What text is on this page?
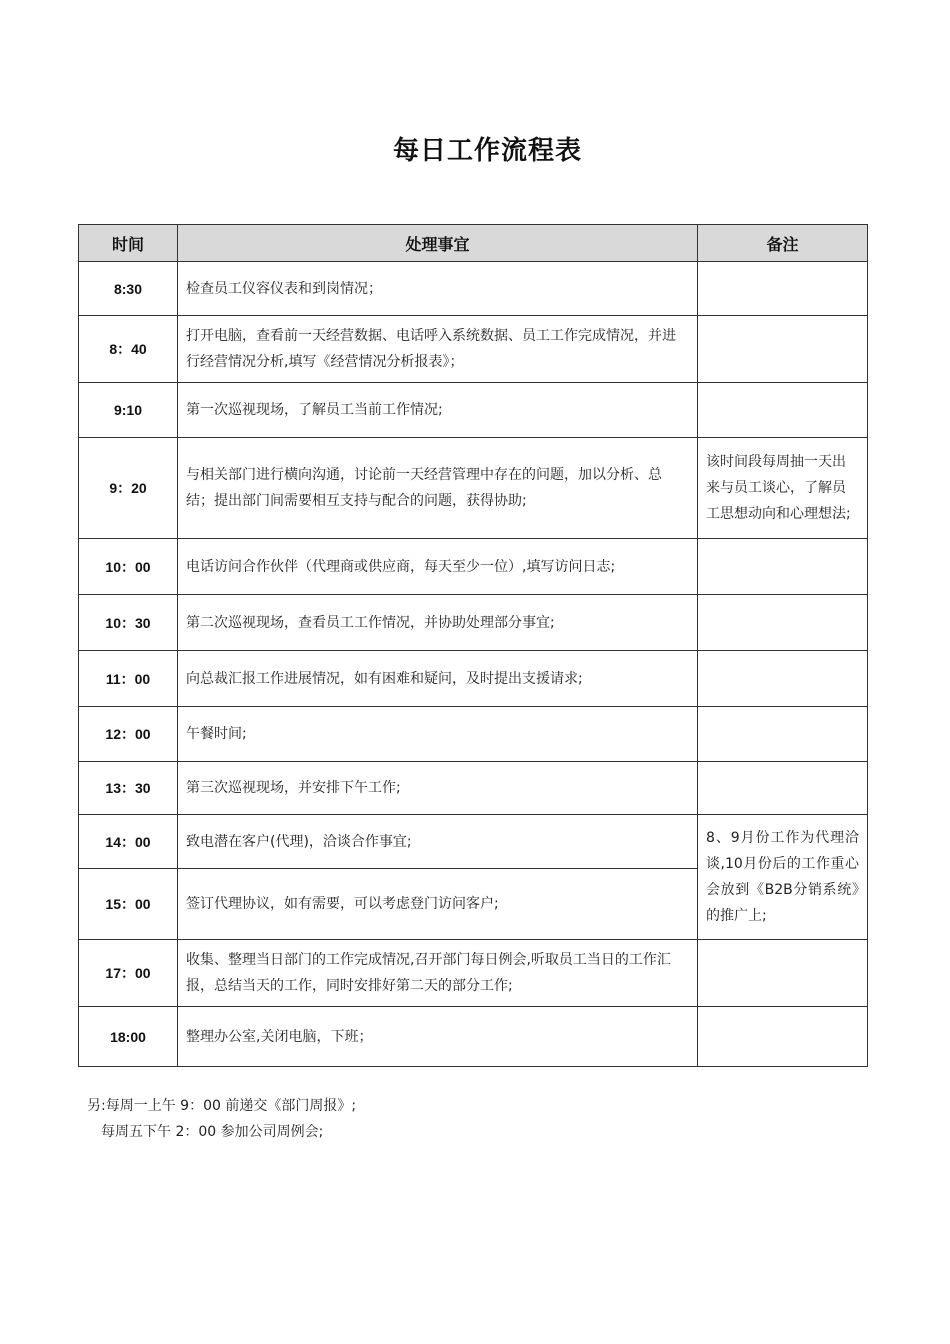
每日工作流程表
时间	处理事宜	备注
8:30	检查员工仪容仪表和到岗情况；	
8：40	打开电脑，查看前一天经营数据、电话呼入系统数据、员工工作完成情况，并进行经营情况分析,填写《经营情况分析报表》；	
9:10	第一次巡视现场，了解员工当前工作情况;	
9：20	与相关部门进行横向沟通，讨论前一天经营管理中存在的问题，加以分析、总结；提出部门间需要相互支持与配合的问题，获得协助;	该时间段每周抽一天出来与员工谈心，了解员工思想动向和心理想法;
10：00	电话访问合作伙伴（代理商或供应商，每天至少一位）,填写访问日志;	
10：30	第二次巡视现场，查看员工工作情况，并协助处理部分事宜;	
11：00	向总裁汇报工作进展情况，如有困难和疑问，及时提出支援请求;	
12：00	午餐时间;	
13：30	第三次巡视现场，并安排下午工作;	
14：00	致电潜在客户(代理)，洽谈合作事宜;	8、9月份工作为代理洽谈,10月份后的工作重心会放到《B2B分销系统》的推广上;
15：00	签订代理协议，如有需要，可以考虑登门访问客户;	
17：00	收集、整理当日部门的工作完成情况,召开部门每日例会,听取员工当日的工作汇报，总结当天的工作，同时安排好第二天的部分工作;	
18:00	整理办公室,关闭电脑，下班；	
另:每周一上午 9：00 前递交《部门周报》;
每周五下午 2：00 参加公司周例会;
